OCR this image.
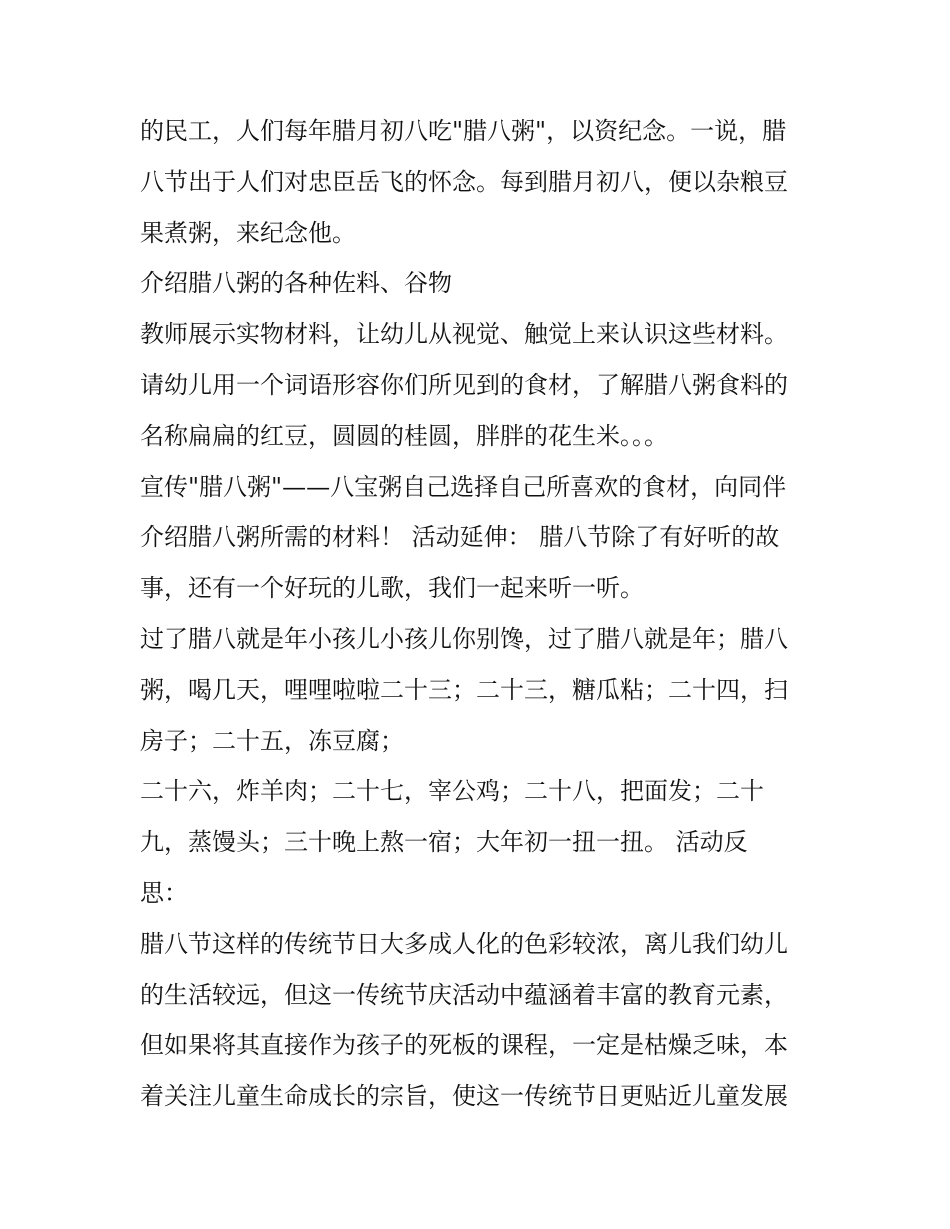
的民工，人们每年腊月初八吃"腊八粥"，以资纪念。一说，腊
八节出于人们对忠臣岳飞的怀念。每到腊月初八，便以杂粮豆
果煮粥，来纪念他。
介绍腊八粥的各种佐料、谷物
教师展示实物材料，让幼儿从视觉、触觉上来认识这些材料。
请幼儿用一个词语形容你们所见到的食材，了解腊八粥食料的
名称扁扁的红豆，圆圆的桂圆，胖胖的花生米。。。
宣传"腊八粥"——八宝粥自己选择自己所喜欢的食材，向同伴
介绍腊八粥所需的材料！ 活动延伸： 腊八节除了有好听的故
事，还有一个好玩的儿歌，我们一起来听一听。
过了腊八就是年小孩儿小孩儿你别馋，过了腊八就是年；腊八
粥，喝几天，哩哩啦啦二十三；二十三，糖瓜粘；二十四，扫
房子；二十五，冻豆腐；
二十六，炸羊肉；二十七，宰公鸡；二十八，把面发；二十
九，蒸馒头；三十晚上熬一宿；大年初一扭一扭。 活动反
思：
腊八节这样的传统节日大多成人化的色彩较浓，离儿我们幼儿
的生活较远，但这一传统节庆活动中蕴涵着丰富的教育元素，
但如果将其直接作为孩子的死板的课程，一定是枯燥乏味，本
着关注儿童生命成长的宗旨，使这一传统节日更贴近儿童发展
